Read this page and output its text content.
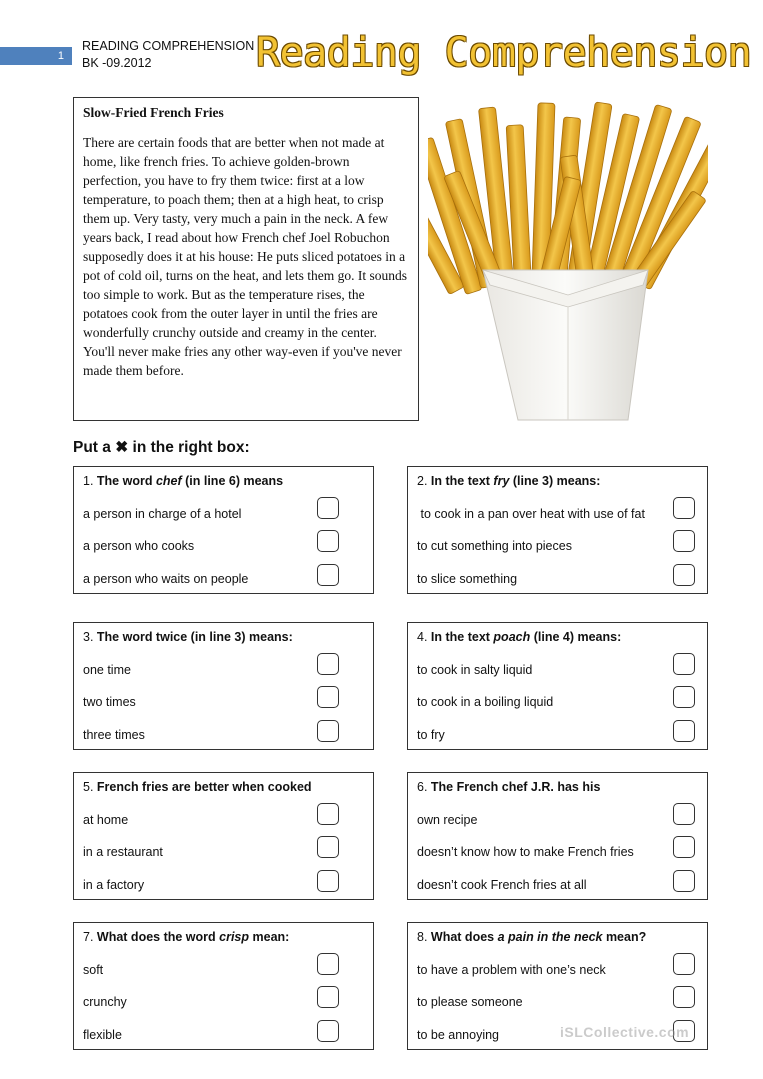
1
READING COMPREHENSION
BK -09.2012	Reading Comprehension
Slow-Fried French Fries
There are certain foods that are better when not made at home, like french fries. To achieve golden-brown perfection, you have to fry them twice: first at a low temperature, to poach them; then at a high heat, to crisp them up. Very tasty, very much a pain in the neck. A few years back, I read about how French chef Joel Robuchon supposedly does it at his house: He puts sliced potatoes in a pot of cold oil, turns on the heat, and lets them go. It sounds too simple to work. But as the temperature rises, the potatoes cook from the outer layer in until the fries are wonderfully crunchy outside and creamy in the center. You'll never make fries any other way-even if you've never made them before.
Put a ✖ in the right box:
1. The word chef (in line 6) means
a person in charge of a hotel
a person who cooks
a person who waits on people
2. In the text fry (line 3) means:
to cook in a pan over heat with use of fat
to cut something into pieces
to slice something
3. The word twice (in line 3) means:
one time
two times
three times
4. In the text poach (line 4) means:
to cook in salty liquid
to cook in a boiling liquid
to fry
5. French fries are better when cooked
at home
in a restaurant
in a factory
6. The French chef J.R. has his
own recipe
doesn’t know how to make French fries
doesn’t cook French fries at all
7. What does the word crisp mean:
soft
crunchy
flexible
8. What does a pain in the neck mean?
to have a problem with one’s neck
to please someone
to be annoying	iSLCollective.com
